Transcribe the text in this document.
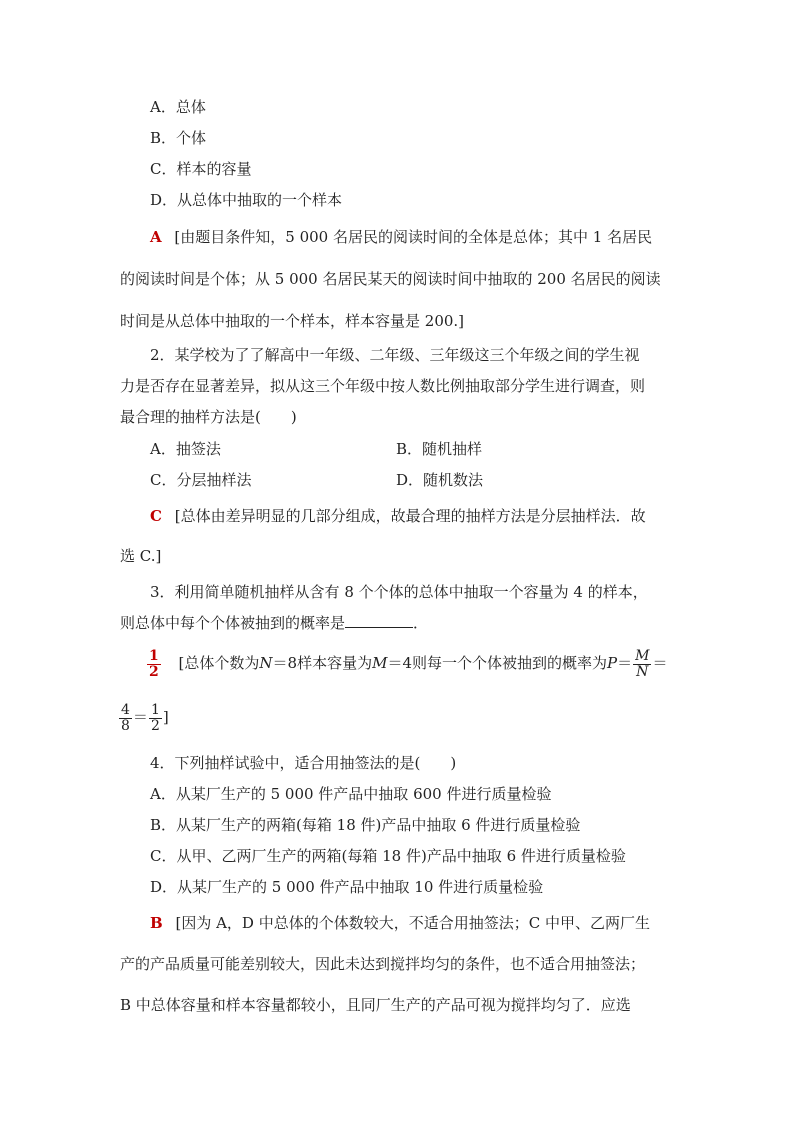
A．总体
B．个体
C．样本的容量
D．从总体中抽取的一个样本
A [由题目条件知，5 000 名居民的阅读时间的全体是总体；其中 1 名居民
的阅读时间是个体；从 5 000 名居民某天的阅读时间中抽取的 200 名居民的阅读
时间是从总体中抽取的一个样本，样本容量是 200.]
2．某学校为了了解高中一年级、二年级、三年级这三个年级之间的学生视
力是否存在显著差异，拟从这三个年级中按人数比例抽取部分学生进行调查，则
最合理的抽样方法是(　　)
A．抽签法	B．随机抽样
C．分层抽样法	D．随机数法
C [总体由差异明显的几部分组成，故最合理的抽样方法是分层抽样法．故
选 C.]
3．利用简单随机抽样从含有 8 个个体的总体中抽取一个容量为 4 的样本，
则总体中每个个体被抽到的概率是	．
$\frac{1}{2}$ [总体个数为N＝8样本容量为M＝4则每一个个体被抽到的概率为$P= \frac{M}{N}$ ＝
$\frac{4}{8} = \frac{1}{2}$ ]
4．下列抽样试验中，适合用抽签法的是(　　)
A．从某厂生产的 5 000 件产品中抽取 600 件进行质量检验
B．从某厂生产的两箱(每箱 18 件)产品中抽取 6 件进行质量检验
C．从甲、乙两厂生产的两箱(每箱 18 件)产品中抽取 6 件进行质量检验
D．从某厂生产的 5 000 件产品中抽取 10 件进行质量检验
B [因为 A，D 中总体的个体数较大，不适合用抽签法；C 中甲、乙两厂生
产的产品质量可能差别较大，因此未达到搅拌均匀的条件，也不适合用抽签法；
B 中总体容量和样本容量都较小，且同厂生产的产品可视为搅拌均匀了．应选
